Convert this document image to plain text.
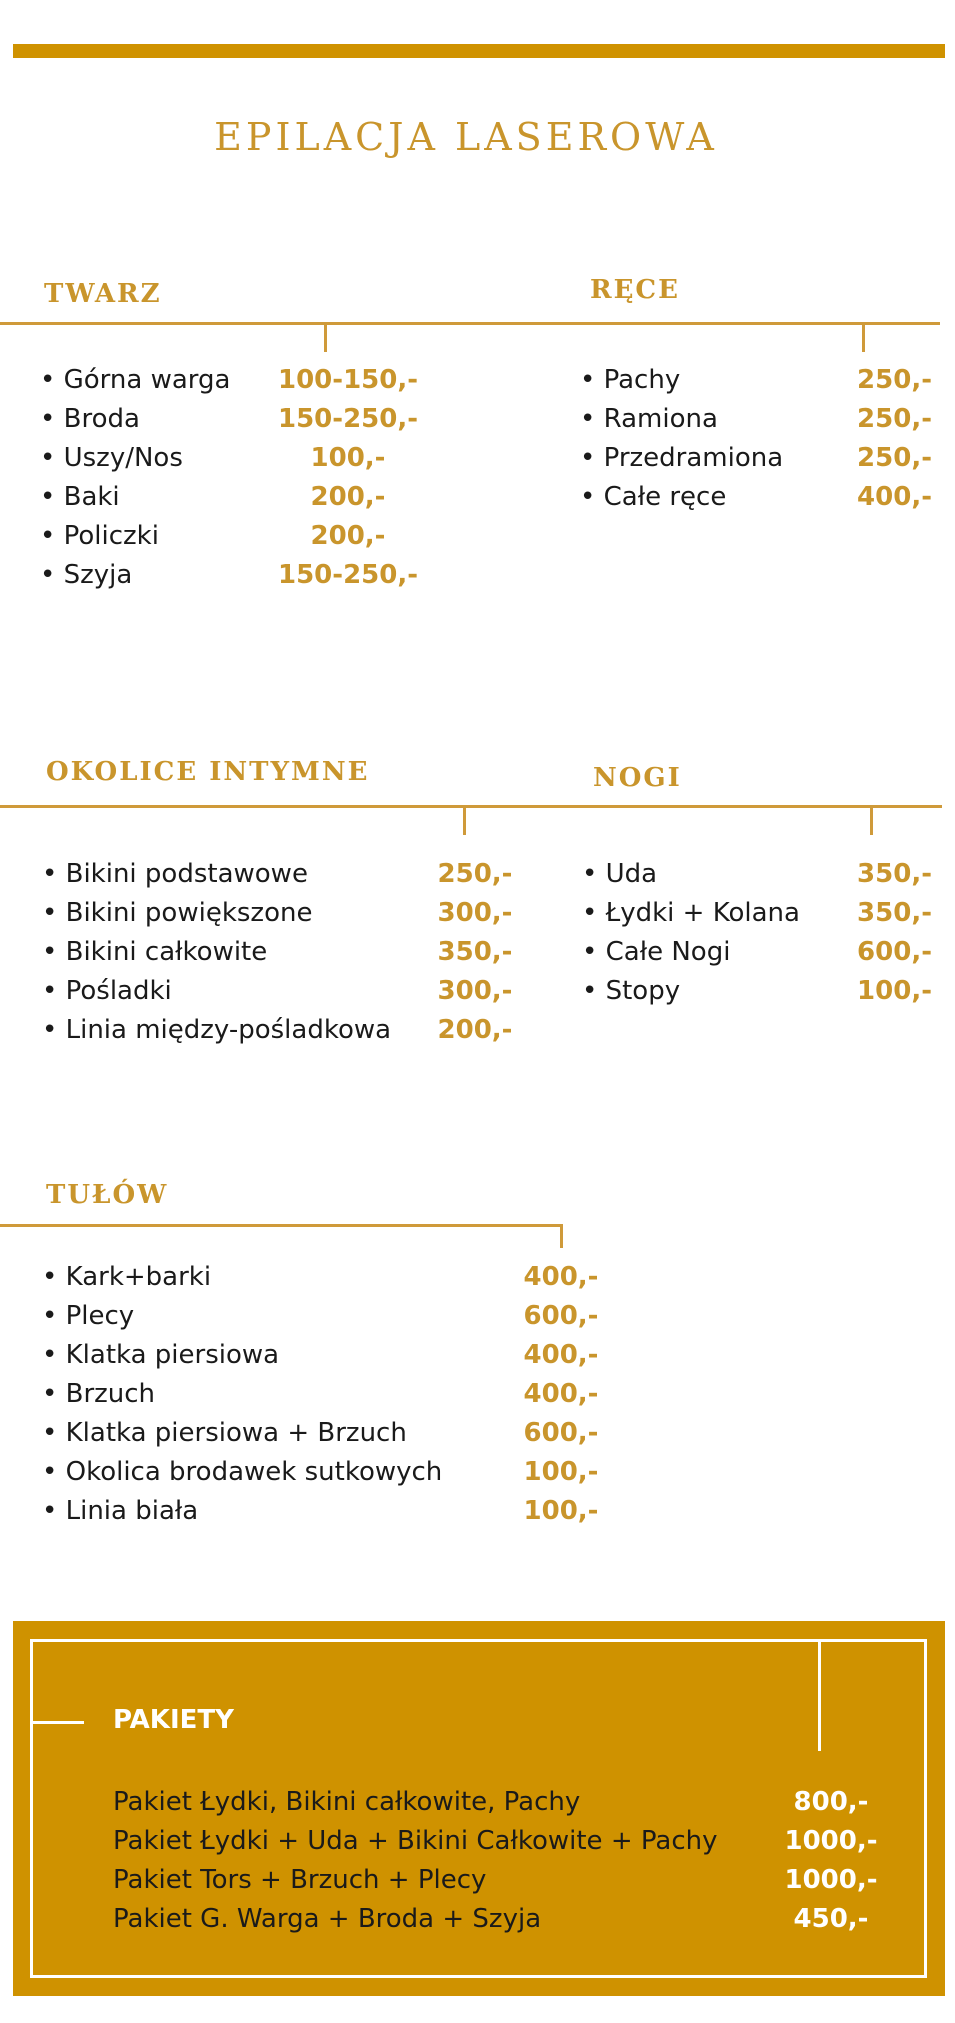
EPILACJA LASEROWA
TWARZ
• Górna warga 100-150,-
• Broda	150-250,-
• Uszy/Nos	100,-
• Baki	200,-
• Policzki	200,-
• Szyja	150-250,-
RĘCE
• Pachy	250,-
• Ramiona	250,-
• Przedramiona	250,-
• Całe ręce	400,-
OKOLICE INTYMNE
• Bikini podstawowe	250,-
• Bikini powiększone	300,-
• Bikini całkowite	350,-
• Pośladki	300,-
• Linia między-pośladkowa 200,-
NOGI
• Uda	350,-
• Łydki + Kolana	350,-
• Całe Nogi	600,-
• Stopy	100,-
TUŁÓW
• Kark+barki	400,-
• Plecy	600,-
• Klatka piersiowa	400,-
• Brzuch	400,-
• Klatka piersiowa + Brzuch	600,-
• Okolica brodawek sutkowych	100,-
• Linia biała	100,-
PAKIETY
Pakiet Łydki, Bikini całkowite, Pachy	800,-
Pakiet Łydki + Uda + Bikini Całkowite + Pachy	1000,-
Pakiet Tors + Brzuch + Plecy	1000,-
Pakiet G. Warga + Broda + Szyja	450,-
